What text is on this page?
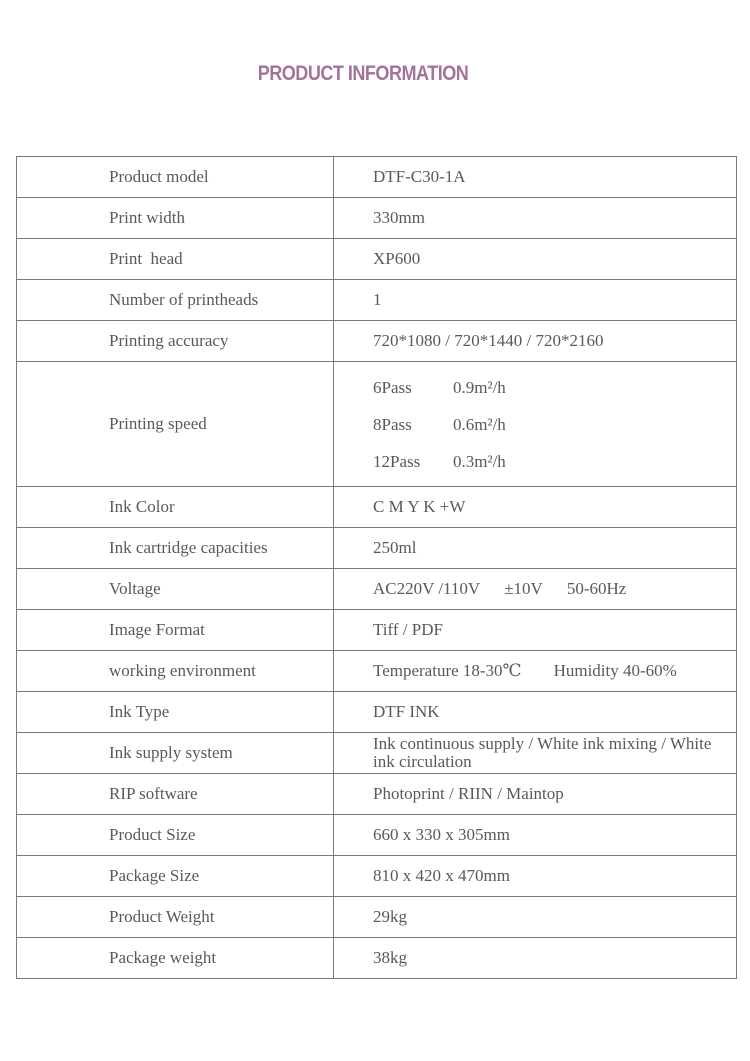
PRODUCT INFORMATION
Product model	DTF-C30-1A
Print width	330mm
Print  head	XP600
Number of printheads	1
Printing accuracy	720*1080 / 720*1440 / 720*2160
Printing speed	6Pass 0.9m²/h
8Pass 0.6m²/h
12Pass 0.3m²/h

Ink Color	C M Y K +W
Ink cartridge capacities	250ml
Voltage	AC220V /110V ±10V 50-60Hz
Image Format	Tiff / PDF
working environment	Temperature 18-30℃ Humidity 40-60%
Ink Type	DTF INK
Ink supply system	Ink continuous supply / White ink mixing / White ink circulation

RIP software	Photoprint / RIIN / Maintop
Product Size	660 x 330 x 305mm
Package Size	810 x 420 x 470mm
Product Weight	29kg
Package weight	38kg
